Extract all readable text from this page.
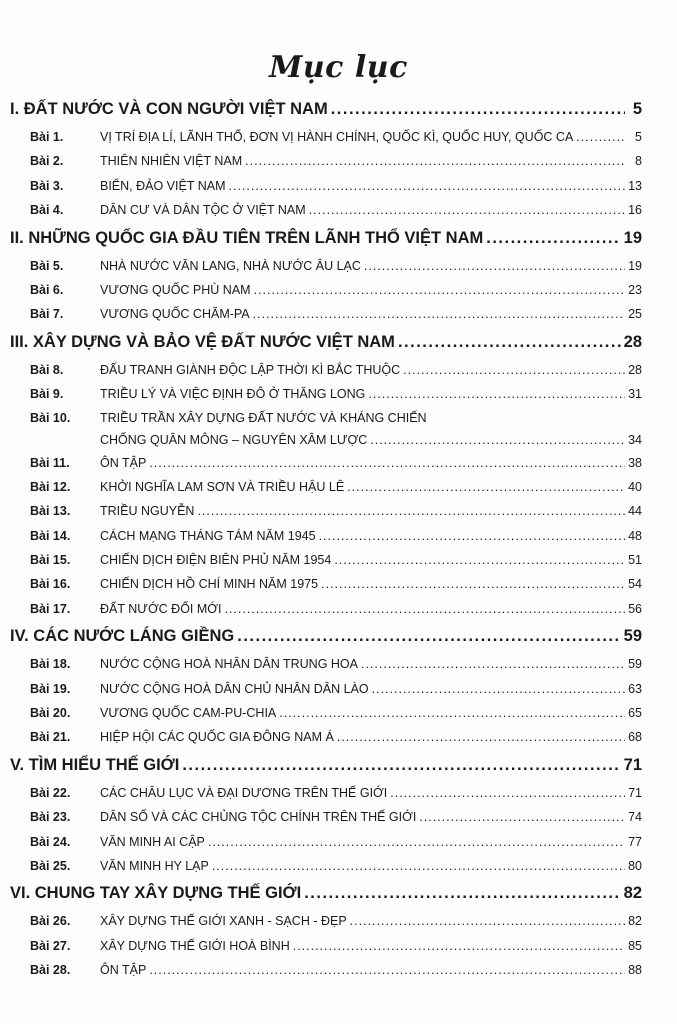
Mục lục
I. ĐẤT NƯỚC VÀ CON NGƯỜI VIỆT NAM .....	5
Bài 1.	VỊ TRÍ ĐỊA LÍ, LÃNH THỔ, ĐƠN VỊ HÀNH CHÍNH, QUỐC KÌ, QUỐC HUY, QUỐC CA .....	5
Bài 2.	THIÊN NHIÊN VIỆT NAM .....	8
Bài 3.	BIỂN, ĐẢO VIỆT NAM .....	13
Bài 4.	DÂN CƯ VÀ DÂN TỘC Ở VIỆT NAM .....	16
II. NHỮNG QUỐC GIA ĐẦU TIÊN TRÊN LÃNH THỔ VIỆT NAM .....	19
Bài 5.	NHÀ NƯỚC VĂN LANG, NHÀ NƯỚC ÂU LẠC .....	19
Bài 6.	VƯƠNG QUỐC PHÙ NAM .....	23
Bài 7.	VƯƠNG QUỐC CHĂM-PA .....	25
III. XÂY DỰNG VÀ BẢO VỆ ĐẤT NƯỚC VIỆT NAM .....	28
Bài 8.	ĐẤU TRANH GIÀNH ĐỘC LẬP THỜI KÌ BẮC THUỘC .....	28
Bài 9.	TRIỀU LÝ VÀ VIỆC ĐỊNH ĐÔ Ở THĂNG LONG .....	31
Bài 10.	TRIỀU TRẦN XÂY DỰNG ĐẤT NƯỚC VÀ KHÁNG CHIẾN
CHỐNG QUÂN MÔNG – NGUYÊN XÂM LƯỢC .....	34
Bài 11.	ÔN TẬP .....	38
Bài 12.	KHỞI NGHĨA LAM SƠN VÀ TRIỀU HẬU LÊ .....	40
Bài 13.	TRIỀU NGUYỄN .....	44
Bài 14.	CÁCH MẠNG THÁNG TÁM NĂM 1945 .....	48
Bài 15.	CHIẾN DỊCH ĐIỆN BIÊN PHỦ NĂM 1954 .....	51
Bài 16.	CHIẾN DỊCH HỒ CHÍ MINH NĂM 1975 .....	54
Bài 17.	ĐẤT NƯỚC ĐỔI MỚI .....	56
IV. CÁC NƯỚC LÁNG GIỀNG .....	59
Bài 18.	NƯỚC CỘNG HOÀ NHÂN DÂN TRUNG HOA .....	59
Bài 19.	NƯỚC CỘNG HOÀ DÂN CHỦ NHÂN DÂN LÀO .....	63
Bài 20.	VƯƠNG QUỐC CAM-PU-CHIA .....	65
Bài 21.	HIỆP HỘI CÁC QUỐC GIA ĐÔNG NAM Á .....	68
V. TÌM HIỂU THẾ GIỚI .....	71
Bài 22.	CÁC CHÂU LỤC VÀ ĐẠI DƯƠNG TRÊN THẾ GIỚI .....	71
Bài 23.	DÂN SỐ VÀ CÁC CHỦNG TỘC CHÍNH TRÊN THẾ GIỚI .....	74
Bài 24.	VĂN MINH AI CẬP .....	77
Bài 25.	VĂN MINH HY LẠP .....	80
VI. CHUNG TAY XÂY DỰNG THẾ GIỚI .....	82
Bài 26.	XÂY DỰNG THẾ GIỚI XANH - SẠCH - ĐẸP .....	82
Bài 27.	XÂY DỰNG THẾ GIỚI HOÀ BÌNH .....	85
Bài 28.	ÔN TẬP .....	88
